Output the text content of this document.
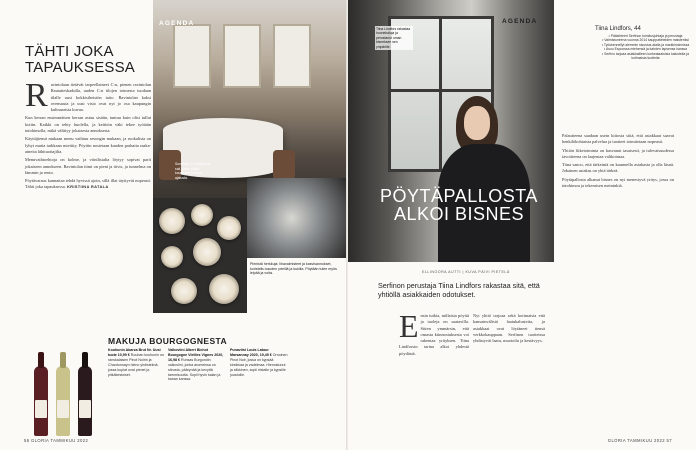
TÄHTI JOKA TAPAUKSESSA

Ravintolaan tietävät tarpeellaineet C:n, pienen ravintolan Rautatieskadulla, uuden C:n tilojen toimesta tuodaan tilalle uusi kokkisiheistön taito. Ravintolan kaksi ovensuuta ja uusi visio ovat nyt jo osa kaupungin kulinaarista kuvaa.

Kun kerran ensimmäisen kerran astuu sisään, tuntuu kuin olisi tullut kotiin. Kaikki on tehty huolella, ja keittiön väki tekee työtään intohimolla, mikä välittyy jokaisesta annoksesta.

Käyttäjiensä mukaan menu vaihtuu sesongin mukaan, ja ruokalista on lyhyt mutta tarkkaan mietitty. Pöytiin nostetaan kauden parhaita raaka-aineita lähituottajilta.

Menuvaihtoehtoja on kolme, ja viinilistalta löytyy sopivat parit jokaiseen annokseen. Ravintolan tiimi on pieni ja tiivis, ja tunnelma on lämmin ja rento.

Pöytävaraus kannattaa tehdä hyvissä ajoin, sillä illat täyttyvät nopeasti. Tähti joka tapauksessa. KRISTIINA RATALA

AGENDA
Sunnfalla C:n pitkä uusi sali, jossa pöytä kaunistaa vanhaa ajatusta.
Pienistä herkkuja: lihavalmisteet ja kasvisannokset, koristeltu kauden yrteillä ja kukilla. Pöytään tulee myös leipää ja voita.
MAKUJA BOURGOGNESTA
Kouhunin Abarza Brut Nr. Uusi tuote 10,99 € Rouban kouhunin on ranskalaisen Pinot Noirin ja Chardonnayn hieno yhdistelmä, jossa kuplat ovat pienet ja pitkäkestoiset.
Valkoviini Albert Bichot Bourgogne Vieilles Vignes 2020, 16,98 € Runsas Burgundin valkoviini, jonka aromeissa on sitrusta, päärynää ja kevyttä tammisuutta. Sopii hyvin kalan ja kanan kanssa.
Punaviini Louis Latour Marsannay 2020, 19,49 € Ornoinen Pinot Noir, jossa on kypsää kirsikkaa ja vadelmaa. Hienostunut ja silkkinen, sopii riistalle ja kypsille juustoille.
56 GLORIA TAMMIKUU 2022
Tiina Lindfors rakastaa huonekaluja ja perustanut oman bisneksen sen ympärille.
PÖYTÄPALLOSTA ALKOI BISNES
AGENDA
Tiina Lindfors, 44
• Pääsihteeri Serfinon toimitusjohtaja ja perustaja
• Valmistuneena vuonna 2014 kauppatieteiden maisteriksi
• Työskennellyt aiemmin sisustus-alalla ja markkinoinnissa
• Asuu Espoossa miehensä ja kahden lapsensa kanssa
• Serfino tarjoaa asiakkailleen korkealaatuisia kalusteita ja kotimaisia tuotteita

Palautteena saadaan usein kiitosta siitä, että asiakkaat saavat henkilökohtaista palvelua ja tuotteet toimitetaan nopeasti.

Yhtiön liiketoiminta on kasvanut tasaisesti, ja tulevaisuudessa tavoitteena on laajentaa valikoimaa.

Tiina sanoo, että tärkeintä on kuunnella asiakasta ja olla läsnä. Jokainen asiakas on yhtä tärkeä.

Pöytäpallosta alkanut bisnes on nyt menestyvä yritys, jossa on intohimoa ja tekemisen meininkiä.

ELLINOORA AUTTI | KUVA PÄIVI PIETELÄ
Serfinon perustaja Tiina Lindfors rakastaa sitä, että yhtiöllä asiakkaiden odotukset.
Ensin tutkia, millaisia pöytiä ja tuoleja on saatavilla. Sitten ymmärsin, että omasta kiinnostuksesta voi rakentaa yrityksen. Tiina Lindforsin tarina alkoi yhdestä pöydästä.
Nyt yhtiö tarjoaa sekä kotimaisia että kansainvälisiä laatukalusteita, ja asiakkaat ovat löytäneet tiensä verkkokauppaan. Serfinon tuotteissa yhdistyvät laatu, muotoilu ja kestävyys.
GLORIA TAMMIKUU 2022 57
